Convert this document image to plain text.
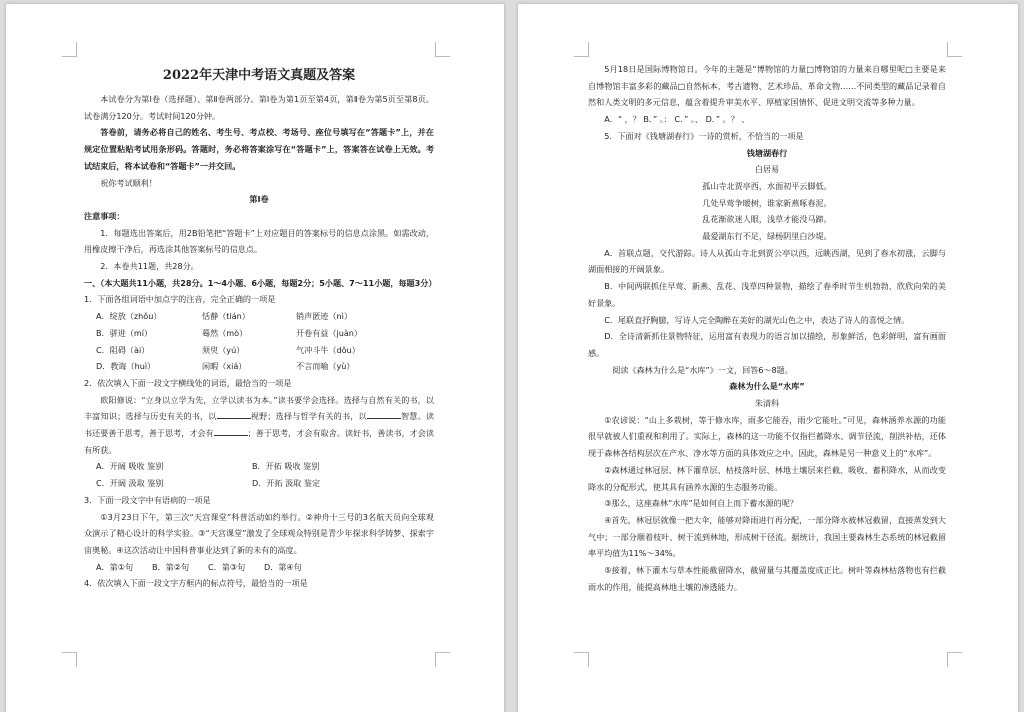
2022年天津中考语文真题及答案

本试卷分为第Ⅰ卷（选择题）、第Ⅱ卷两部分。第Ⅰ卷为第1页至第4页，第Ⅱ卷为第5页至第8页。试卷满分120分。考试时间120分钟。

答卷前，请务必将自己的姓名、考生号、考点校、考场号、座位号填写在“答题卡”上，并在规定位置粘贴考试用条形码。答题时，务必将答案涂写在“答题卡”上，答案答在试卷上无效。考试结束后，将本试卷和“答题卡”一并交回。

祝你考试顺利！

第Ⅰ卷

注意事项：

1．每题选出答案后，用2B铅笔把“答题卡”上对应题目的答案标号的信息点涂黑。如需改动，用橡皮擦干净后，再选涂其他答案标号的信息点。

2．本卷共11题，共28分。

一、（本大题共11小题，共28分。1～4小题、6小题，每题2分；5小题、7～11小题，每题3分）

1．下面各组词语中加点字的注音，完全正确的一项是

A．绽放（zhǒu）	恬静（tián）	销声匿迹（nì）
B．骈进（mí）	蓦然（mò）	开卷有益（juàn）
C．阻碍（ài）	须臾（yú）	气冲斗牛（dǒu）
D．教诲（huì）	闲暇（xiá）	不言而喻（yù）

2．依次填入下面一段文字横线处的词语，最恰当的一项是

欧阳修说：“立身以立学为先，立学以读书为本。”读书要学会选择。选择与自然有关的书，以丰富知识；选择与历史有关的书，以	视野；选择与哲学有关的书，以	智慧。读书还要善于思考，善于思考，才会有	；善于思考，才会有取舍。读好书，善读书，才会读有所获。

A．开阔 吸收 鉴别	B．开拓 吸收 鉴别
C．开阔 汲取 鉴别	D．开拓 汲取 鉴定

3．下面一段文字中有语病的一项是

①3月23日下午，第三次“天宫课堂”科普活动如约举行。②神舟十三号的3名航天员向全球观众演示了精心设计的科学实验。③“天宫课堂”激发了全球观众特别是青少年探求科学铸梦、探索宇宙奥秘。④这次活动让中国科普事业达到了新的未有的高度。

A．第①句	B．第②句	C．第③句	D．第④句

4．依次填入下面一段文字方框内的标点符号，最恰当的一项是

5月18日是国际博物馆日。今年的主题是“博物馆的力量□博物馆的力量来自哪里呢□主要是来自博物馆丰富多彩的藏品□自然标本、考古遗物、艺术珍品、革命文物……不同类型的藏品记录着自然和人类文明的多元信息，蕴含着提升审美水平、厚植家国情怀、促进文明交流等多种力量。

A．“ ，？ B．” 。： C．” 。、 D．” 。？ 、

5．下面对《钱塘湖春行》一诗的赏析，不恰当的一项是

钱塘湖春行

白居易

孤山寺北贾亭西，水面初平云脚低。

几处早莺争暖树，谁家新燕啄春泥。

乱花渐欲迷人眼，浅草才能没马蹄。

最爱湖东行不足，绿杨阴里白沙堤。

A．首联点题，交代游踪。诗人从孤山寺北到贾公亭以西，远眺西湖，见到了春水初涨，云脚与湖面相接的开阔景象。

B．中间两联抓住早莺、新燕、乱花、浅草四种景物，描绘了春季时节生机勃勃、欣欣向荣的美好景象。

C．尾联直抒胸臆，写诗人完全陶醉在美好的湖光山色之中，表达了诗人的喜悦之情。

D．全诗清新抓住景物特征，运用富有表现力的语言加以描绘，形象鲜活，色彩鲜明，富有画面感。

阅读《森林为什么是“水库”》一文，回答6～8题。

森林为什么是“水库”

朱清科

①农谚说：“山上多栽树，等于修水库，雨多它能吞，雨少它能吐。”可见，森林涵养水源的功能很早就被人们重视和利用了。实际上，森林的这一功能不仅指拦蓄降水、调节径流，削洪补枯，还体现于森林各结构层次在产水、净水等方面的具体效应之中。因此，森林是另一种意义上的“水库”。

②森林通过林冠层、林下灌草层、枯枝落叶层、林地土壤层来拦截、吸收、蓄积降水，从而改变降水的分配形式，使其具有涵养水源的生态服务功能。

③那么，这座森林“水库”是如何自上而下蓄水源的呢？

④首先，林冠层就像一把大伞，能够对降雨进行再分配，一部分降水被林冠截留，直接蒸发到大气中；一部分顺着枝叶、树干流到林地，形成树干径流。据统计，我国主要森林生态系统的林冠截留率平均值为11%～34%。

⑤接着，林下灌木与草本性能截留降水，截留量与其覆盖度成正比。树叶等森林枯落物也有拦截雨水的作用，能提高林地土壤的渗透能力。
